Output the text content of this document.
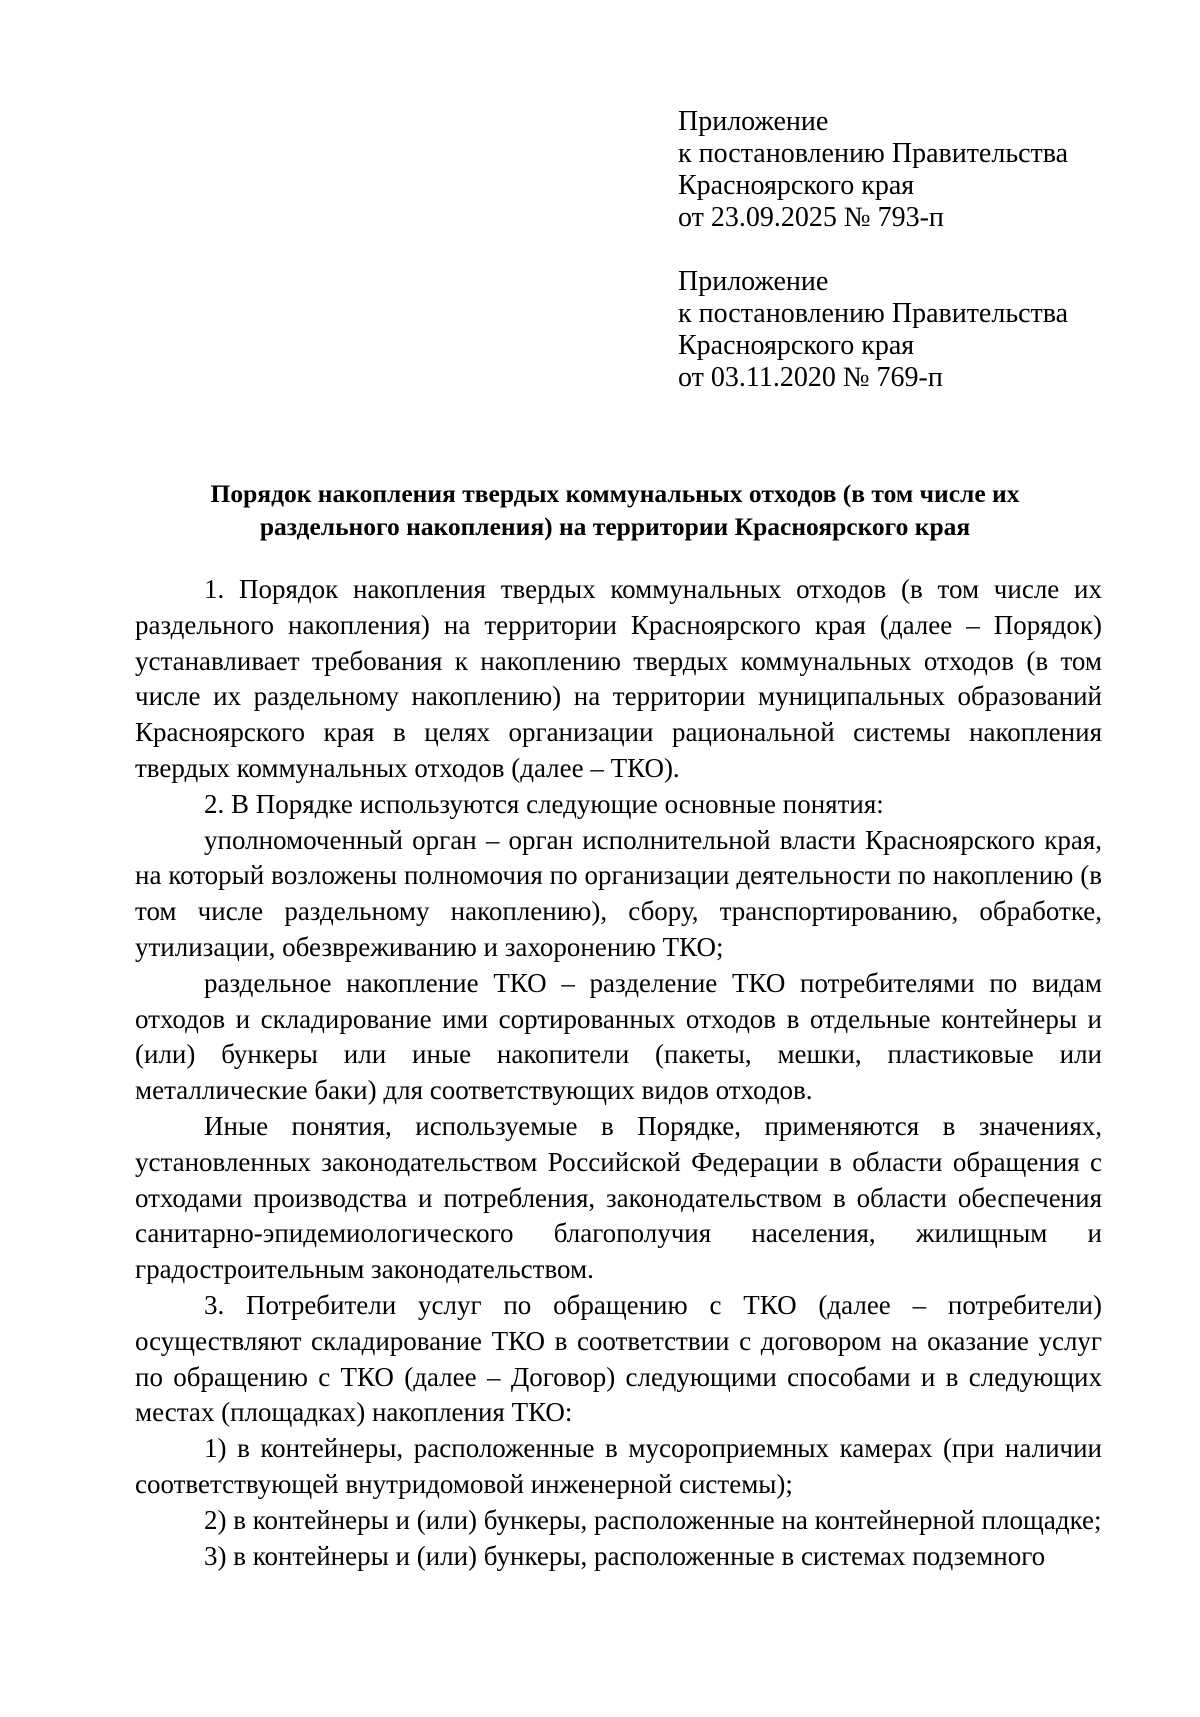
Приложение
к постановлению Правительства
Красноярского края
от 23.09.2025 № 793-п
Приложение
к постановлению Правительства
Красноярского края
от 03.11.2020 № 769-п
Порядок накопления твердых коммунальных отходов (в том числе их
раздельного накопления) на территории Красноярского края

1. Порядок накопления твердых коммунальных отходов (в том числе их раздельного накопления) на территории Красноярского края (далее – Порядок) устанавливает требования к накоплению твердых коммунальных отходов (в том числе их раздельному накоплению) на территории муниципальных образований Красноярского края в целях организации рациональной системы накопления твердых коммунальных отходов (далее – ТКО).

2. В Порядке используются следующие основные понятия:

уполномоченный орган – орган исполнительной власти Красноярского края, на который возложены полномочия по организации деятельности по накоплению (в том числе раздельному накоплению), сбору, транспортированию, обработке, утилизации, обезвреживанию и захоронению ТКО;

раздельное накопление ТКО – разделение ТКО потребителями по видам отходов и складирование ими сортированных отходов в отдельные контейнеры и (или) бункеры или иные накопители (пакеты, мешки, пластиковые или металлические баки) для соответствующих видов отходов.

Иные понятия, используемые в Порядке, применяются в значениях, установленных законодательством Российской Федерации в области обращения с отходами производства и потребления, законодательством в области обеспечения санитарно-эпидемиологического благополучия населения, жилищным и градостроительным законодательством.

3. Потребители услуг по обращению с ТКО (далее – потребители) осуществляют складирование ТКО в соответствии с договором на оказание услуг по обращению с ТКО (далее – Договор) следующими способами и в следующих местах (площадках) накопления ТКО:

1) в контейнеры, расположенные в мусороприемных камерах (при наличии соответствующей внутридомовой инженерной системы);

2) в контейнеры и (или) бункеры, расположенные на контейнерной площадке;

3) в контейнеры и (или) бункеры, расположенные в системах подземного
